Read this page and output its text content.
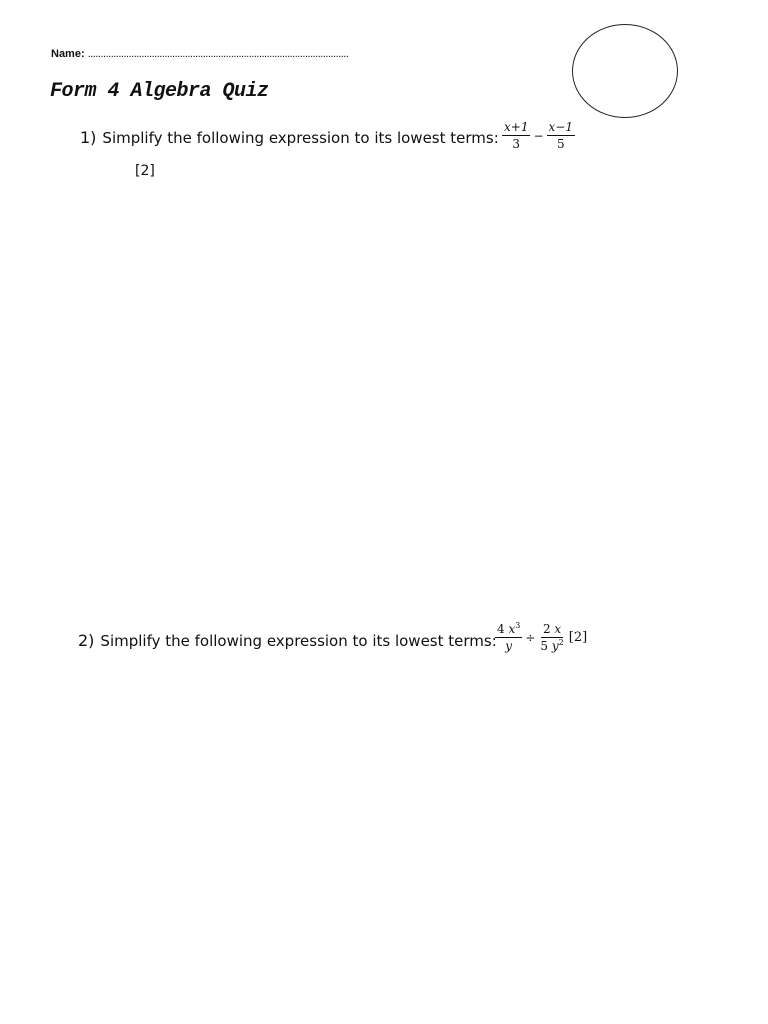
Name: ......................................................................................................
Form 4 Algebra Quiz
1) Simplify the following expression to its lowest terms: $\frac{x+1}{3} - \frac{x-1}{5}$
[2]
2) Simplify the following expression to its lowest terms:
$\frac{4 x^3}{y} \div \frac{2 x}{5 y^2} [2]$
